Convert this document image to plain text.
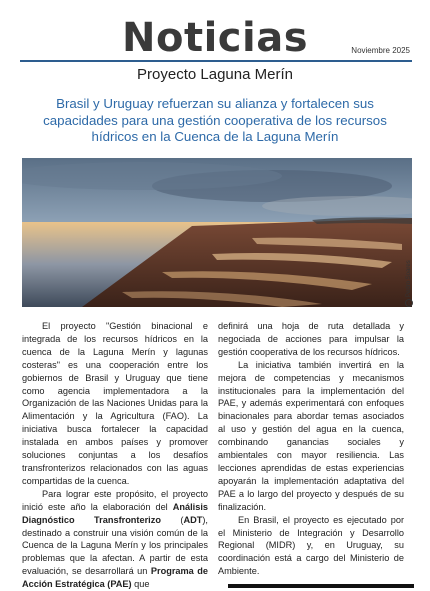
Noticias	Noviembre 2025
Proyecto Laguna Merín
Brasil y Uruguay refuerzan su alianza y fortalecen sus capacidades para una gestión cooperativa de los recursos hídricos en la Cuenca de la Laguna Merín
cc
Pedro Soares

El proyecto "Gestión binacional e integrada de los recursos hídricos en la cuenca de la Laguna Merín y lagunas costeras" es una cooperación entre los gobiernos de Brasil y Uruguay que tiene como agencia implementadora a la Organización de las Naciones Unidas para la Alimentación y la Agricultura (FAO). La iniciativa busca fortalecer la capacidad instalada en ambos países y promover soluciones conjuntas a los desafíos transfronterizos relacionados con las aguas compartidas de la cuenca.

Para lograr este propósito, el proyecto inició este año la elaboración del Análisis Diagnóstico Transfronterizo (ADT), destinado a construir una visión común de la Cuenca de la Laguna Merín y los principales problemas que la afectan. A partir de esta evaluación, se desarrollará un Programa de Acción Estratégica (PAE) que

definirá una hoja de ruta detallada y negociada de acciones para impulsar la gestión cooperativa de los recursos hídricos.

La iniciativa también invertirá en la mejora de competencias y mecanismos institucionales para la implementación del PAE, y además experimentará con enfoques binacionales para abordar temas asociados al uso y gestión del agua en la cuenca, combinando ganancias sociales y ambientales con mayor resiliencia. Las lecciones aprendidas de estas experiencias apoyarán la implementación adaptativa del PAE a lo largo del proyecto y después de su finalización.

En Brasil, el proyecto es ejecutado por el Ministerio de Integración y Desarrollo Regional (MIDR) y, en Uruguay, su coordinación está a cargo del Ministerio de Ambiente.
